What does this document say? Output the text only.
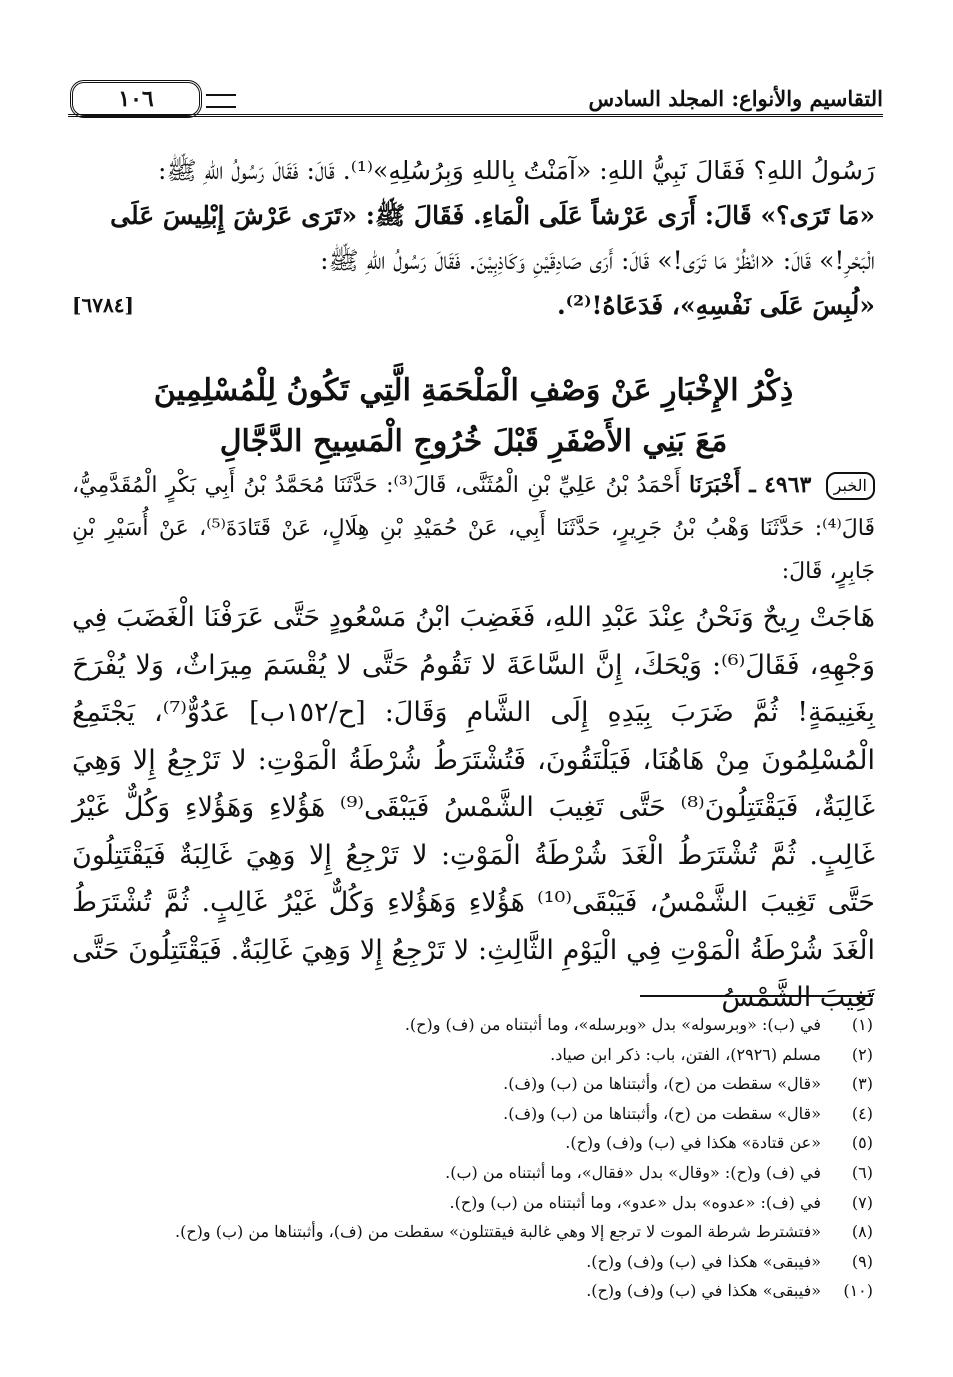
التقاسيم والأنواع: المجلد السادس
١٠٦
رَسُولُ اللهِ؟ فَقَالَ نَبِيُّ اللهِ: «آمَنْتُ بِاللهِ وَبِرُسُلِهِ»⁽¹⁾. قَالَ: فَقَالَ رَسُولُ اللهِ ﷺ:
«مَا تَرَى؟» قَالَ: أَرَى عَرْشاً عَلَى الْمَاءِ. فَقَالَ ﷺ: «تَرَى عَرْشَ إِبْلِيسَ عَلَى
الْبَحْرِ!» قَالَ: «انْظُرْ مَا تَرَى!» قَالَ: أَرَى صَادِقَيْنِ وَكَاذِبِيْنَ. فَقَالَ رَسُولُ اللهِ ﷺ:
«لُبِسَ عَلَى نَفْسِهِ»، فَدَعَاهُ!⁽²⁾.
[٦٧٨٤]
ذِكْرُ الإِخْبَارِ عَنْ وَصْفِ الْمَلْحَمَةِ الَّتِي تَكُونُ لِلْمُسْلِمِينَ
مَعَ بَنِي الأَصْفَرِ قَبْلَ خُرُوجِ الْمَسِيحِ الدَّجَّالِ
الخبر ٤٩٦٣ ـ أَخْبَرَنَا أَحْمَدُ بْنُ عَلِيِّ بْنِ الْمُثَنَّى، قَالَ⁽³⁾: حَدَّثَنَا مُحَمَّدُ بْنُ أَبِي بَكْرٍ الْمُقَدَّمِيُّ، قَالَ⁽⁴⁾: حَدَّثَنَا وَهْبُ بْنُ جَرِيرٍ، حَدَّثَنَا أَبِي، عَنْ حُمَيْدِ بْنِ هِلَالٍ، عَنْ قَتَادَةَ⁽⁵⁾، عَنْ أُسَيْرِ بْنِ جَابِرٍ، قَالَ:
هَاجَتْ رِيحٌ وَنَحْنُ عِنْدَ عَبْدِ اللهِ، فَغَضِبَ ابْنُ مَسْعُودٍ حَتَّى عَرَفْنَا الْغَضَبَ فِي وَجْهِهِ، فَقَالَ⁽⁶⁾: وَيْحَكَ، إِنَّ السَّاعَةَ لا تَقُومُ حَتَّى لا يُقْسَمَ مِيرَاثٌ، وَلا يُفْرَحَ بِغَنِيمَةٍ! ثُمَّ ضَرَبَ بِيَدِهِ إِلَى الشَّامِ وَقَالَ: [ح/١٥٢ب] عَدُوٌّ⁽⁷⁾، يَجْتَمِعُ الْمُسْلِمُونَ مِنْ هَاهُنَا، فَيَلْتَقُونَ، فَتُشْتَرَطُ شُرْطَةُ الْمَوْتِ: لا تَرْجِعُ إِلا وَهِيَ غَالِبَةٌ، فَيَقْتَتِلُونَ⁽⁸⁾ حَتَّى تَغِيبَ الشَّمْسُ فَيَبْقَى⁽⁹⁾ هَؤُلاءِ وَهَؤُلاءِ وَكُلٌّ غَيْرُ غَالِبٍ. ثُمَّ تُشْتَرَطُ الْغَدَ شُرْطَةُ الْمَوْتِ: لا تَرْجِعُ إِلا وَهِيَ غَالِبَةٌ فَيَقْتَتِلُونَ حَتَّى تَغِيبَ الشَّمْسُ، فَيَبْقَى⁽¹⁰⁾ هَؤُلاءِ وَهَؤُلاءِ وَكُلٌّ غَيْرُ غَالِبٍ. ثُمَّ تُشْتَرَطُ الْغَدَ شُرْطَةُ الْمَوْتِ فِي الْيَوْمِ الثَّالِثِ: لا تَرْجِعُ إِلا وَهِيَ غَالِبَةٌ. فَيَقْتَتِلُونَ حَتَّى تَغِيبَ الشَّمْسُ
(١)في (ب): «وبرسوله» بدل «وبرسله»، وما أثبتناه من (ف) و(ح).
(٢)مسلم (٢٩٢٦)، الفتن، باب: ذكر ابن صياد.
(٣)«قال» سقطت من (ح)، وأثبتناها من (ب) و(ف).
(٤)«قال» سقطت من (ح)، وأثبتناها من (ب) و(ف).
(٥)«عن قتادة» هكذا في (ب) و(ف) و(ح).
(٦)في (ف) و(ح): «وقال» بدل «فقال»، وما أثبتناه من (ب).
(٧)في (ف): «عدوه» بدل «عدو»، وما أثبتناه من (ب) و(ح).
(٨)«فتشترط شرطة الموت لا ترجع إلا وهي غالبة فيقتتلون» سقطت من (ف)، وأثبتناها من (ب) و(ح).
(٩)«فيبقى» هكذا في (ب) و(ف) و(ح).
(١٠)«فيبقى» هكذا في (ب) و(ف) و(ح).
